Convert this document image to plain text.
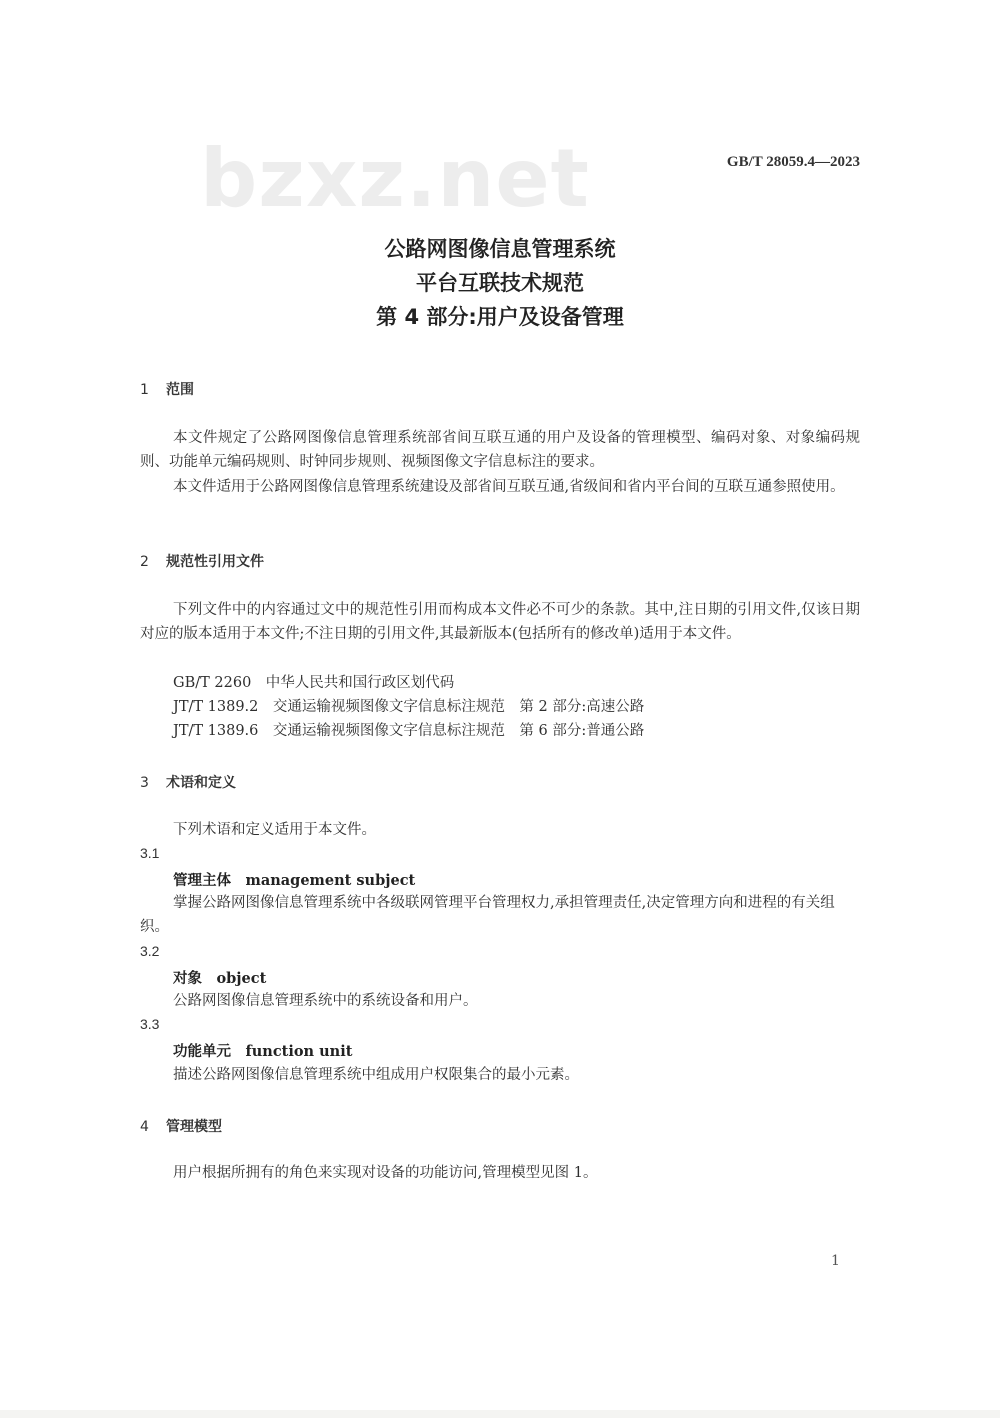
bzxz.net	GB/T 28059.4—2023
公路网图像信息管理系统
平台互联技术规范
第 4 部分:用户及设备管理
1 范围

本文件规定了公路网图像信息管理系统部省间互联互通的用户及设备的管理模型、编码对象、对象编码规则、功能单元编码规则、时钟同步规则、视频图像文字信息标注的要求。

本文件适用于公路网图像信息管理系统建设及部省间互联互通,省级间和省内平台间的互联互通参照使用。

2 规范性引用文件

下列文件中的内容通过文中的规范性引用而构成本文件必不可少的条款。其中,注日期的引用文件,仅该日期对应的版本适用于本文件;不注日期的引用文件,其最新版本(包括所有的修改单)适用于本文件。

GB/T 2260　中华人民共和国行政区划代码
JT/T 1389.2　交通运输视频图像文字信息标注规范　第 2 部分:高速公路
JT/T 1389.6　交通运输视频图像文字信息标注规范　第 6 部分:普通公路
3 术语和定义

下列术语和定义适用于本文件。

3.1
管理主体　management subject

掌握公路网图像信息管理系统中各级联网管理平台管理权力,承担管理责任,决定管理方向和进程的有关组织。

3.2
对象　object

公路网图像信息管理系统中的系统设备和用户。

3.3
功能单元　function unit

描述公路网图像信息管理系统中组成用户权限集合的最小元素。

4 管理模型

用户根据所拥有的角色来实现对设备的功能访问,管理模型见图 1。

1
